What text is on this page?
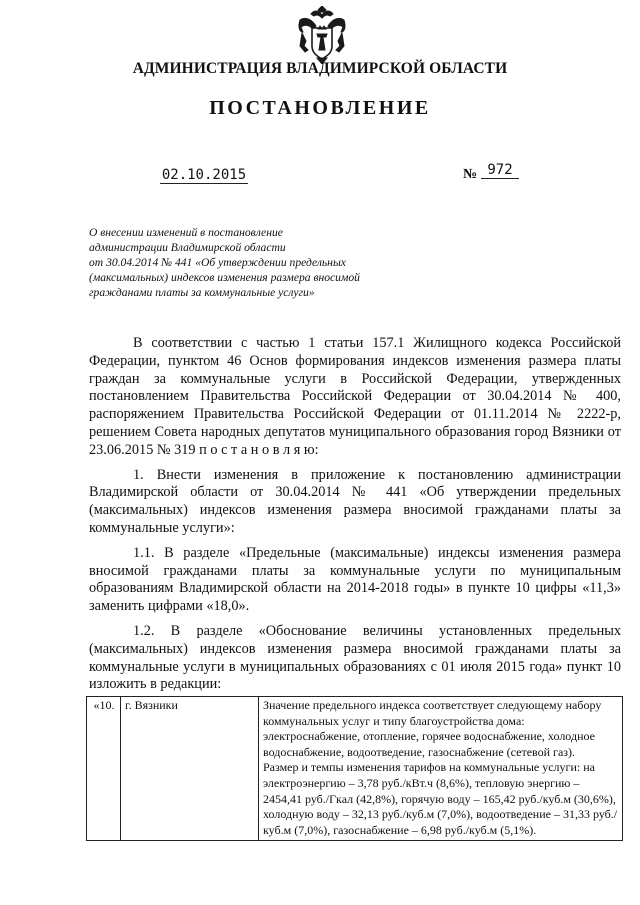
АДМИНИСТРАЦИЯ ВЛАДИМИРСКОЙ ОБЛАСТИ
ПОСТАНОВЛЕНИЕ
02.10.2015	№ 972
О внесении изменений в постановление
администрации Владимирской области
от 30.04.2014 № 441 «Об утверждении предельных
(максимальных) индексов изменения размера вносимой
гражданами платы за коммунальные услуги»

В соответствии с частью 1 статьи 157.1 Жилищного кодекса Российской Федерации, пунктом 46 Основ формирования индексов изменения размера платы граждан за коммунальные услуги в Российской Федерации, утвержденных постановлением Правительства Российской Федерации от 30.04.2014 № 400, распоряжением Правительства Российской Федерации от 01.11.2014 № 2222-р, решением Совета народных депутатов муниципального образования город Вязники от 23.06.2015 № 319 п о с т а н о в л я ю:

1. Внести изменения в приложение к постановлению администрации Владимирской области от 30.04.2014 № 441 «Об утверждении предельных (максимальных) индексов изменения размера вносимой гражданами платы за коммунальные услуги»:

1.1. В разделе «Предельные (максимальные) индексы изменения размера вносимой гражданами платы за коммунальные услуги по муниципальным образованиям Владимирской области на 2014-2018 годы» в пункте 10 цифры «11,3» заменить цифрами «18,0».

1.2. В разделе «Обоснование величины установленных предельных (максимальных) индексов изменения размера вносимой гражданами платы за коммунальные услуги в муниципальных образованиях с 01 июля 2015 года» пункт 10 изложить в редакции:

«10.	г. Вязники	Значение предельного индекса соответствует следующему набору коммунальных услуг и типу благоустройства дома: электроснабжение, отопление, горячее водоснабжение, холодное водоснабжение, водоотведение, газоснабжение (сетевой газ).
Размер и темпы изменения тарифов на коммунальные услуги: на электроэнергию – 3,78 руб./кВт.ч (8,6%), тепловую энергию – 2454,41 руб./Гкал (42,8%), горячую воду – 165,42 руб./куб.м (30,6%), холодную воду – 32,13 руб./куб.м (7,0%), водоотведение – 31,33 руб./куб.м (7,0%), газоснабжение – 6,98 руб./куб.м (5,1%).
